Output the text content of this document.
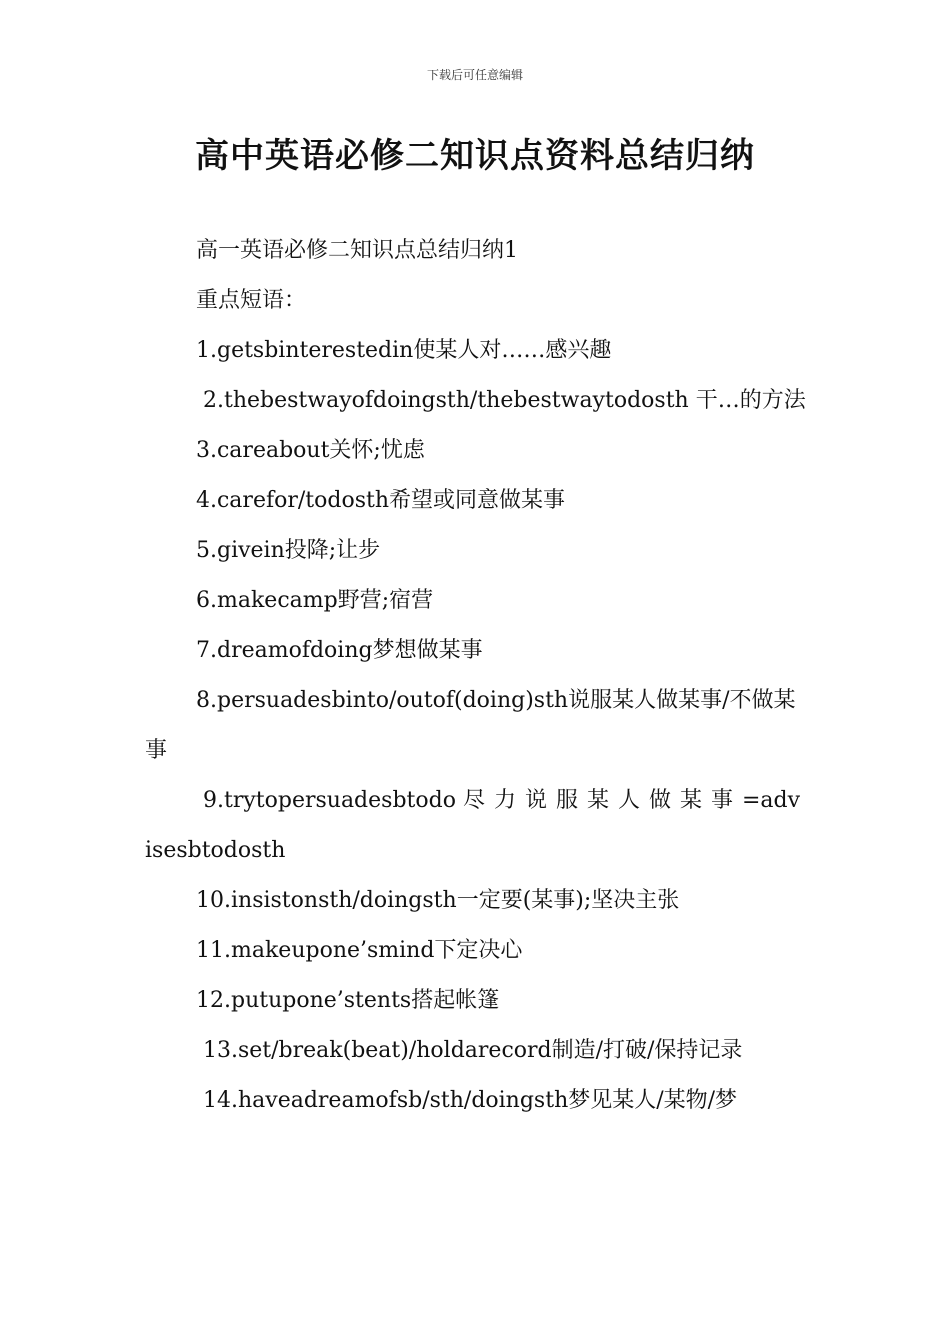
下载后可任意编辑
高中英语必修二知识点资料总结归纳

高一英语必修二知识点总结归纳1

重点短语：

1.getsbinterestedin使某人对……感兴趣

2.thebestwayofdoingsth/thebestwaytodosth 干…的方法

3.careabout关怀;忧虑

4.carefor/todosth希望或同意做某事

5.givein投降;让步

6.makecamp野营;宿营

7.dreamofdoing梦想做某事

8.persuadesbinto/outof(doing)sth说服某人做某事/不做某事

9.trytopersuadesbtodo 尽力说服某人做某事=advisesbtodosth

10.insistonsth/doingsth一定要(某事);坚决主张

11.makeupone’smind下定决心

12.putupone’stents搭起帐篷

13.set/break(beat)/holdarecord制造/打破/保持记录

14.haveadreamofsb/sth/doingsth梦见某人/某物/梦
